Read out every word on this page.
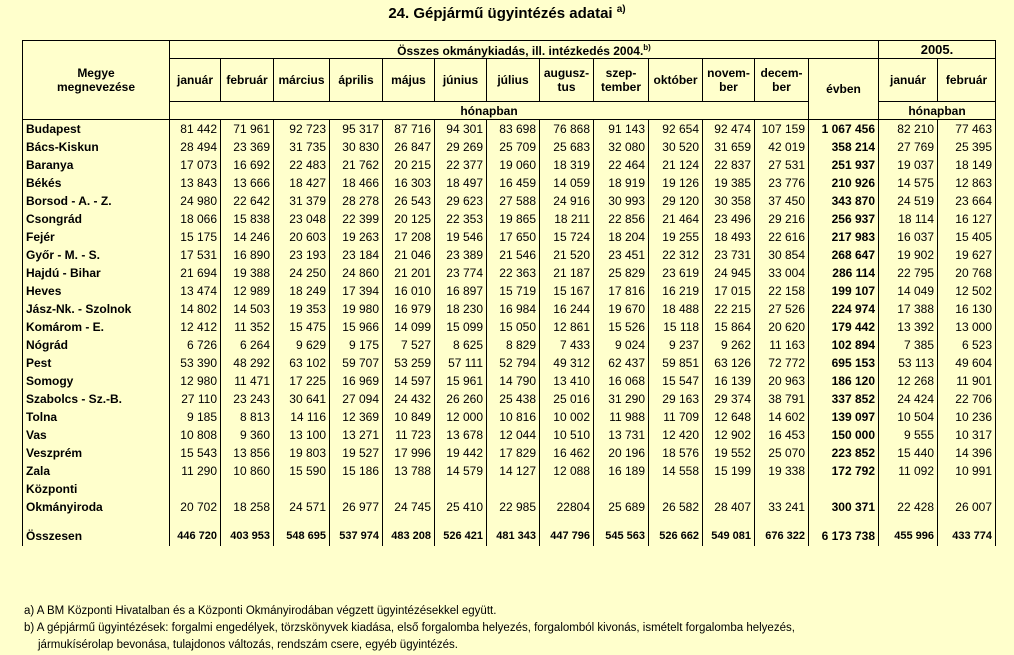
24. Gépjármű ügyintézés adatai $^{a)}$
Megye
megnevezése	Összes okmánykiadás, ill. intézkedés 2004.$^{b)}$													2005.	
	január	február	március	április	május	június	július	augusz-tus	szep-tember	október	novem-ber	decem-ber	évben	január	február
	hónapban													hónapban	
Budapest	81 442	71 961	92 723	95 317	87 716	94 301	83 698	76 868	91 143	92 654	92 474	107 159	1 067 456	82 210	77 463
Bács-Kiskun	28 494	23 369	31 735	30 830	26 847	29 269	25 709	25 683	32 080	30 520	31 659	42 019	358 214	27 769	25 395
Baranya	17 073	16 692	22 483	21 762	20 215	22 377	19 060	18 319	22 464	21 124	22 837	27 531	251 937	19 037	18 149
Békés	13 843	13 666	18 427	18 466	16 303	18 497	16 459	14 059	18 919	19 126	19 385	23 776	210 926	14 575	12 863
Borsod - A. - Z.	24 980	22 642	31 379	28 278	26 543	29 623	27 588	24 916	30 993	29 120	30 358	37 450	343 870	24 519	23 664
Csongrád	18 066	15 838	23 048	22 399	20 125	22 353	19 865	18 211	22 856	21 464	23 496	29 216	256 937	18 114	16 127
Fejér	15 175	14 246	20 603	19 263	17 208	19 546	17 650	15 724	18 204	19 255	18 493	22 616	217 983	16 037	15 405
Győr - M. - S.	17 531	16 890	23 193	23 184	21 046	23 389	21 546	21 520	23 451	22 312	23 731	30 854	268 647	19 902	19 627
Hajdú - Bihar	21 694	19 388	24 250	24 860	21 201	23 774	22 363	21 187	25 829	23 619	24 945	33 004	286 114	22 795	20 768
Heves	13 474	12 989	18 249	17 394	16 010	16 897	15 719	15 167	17 816	16 219	17 015	22 158	199 107	14 049	12 502
Jász-Nk. - Szolnok	14 802	14 503	19 353	19 980	16 979	18 230	16 984	16 244	19 670	18 488	22 215	27 526	224 974	17 388	16 130
Komárom - E.	12 412	11 352	15 475	15 966	14 099	15 099	15 050	12 861	15 526	15 118	15 864	20 620	179 442	13 392	13 000
Nógrád	6 726	6 264	9 629	9 175	7 527	8 625	8 829	7 433	9 024	9 237	9 262	11 163	102 894	7 385	6 523
Pest	53 390	48 292	63 102	59 707	53 259	57 111	52 794	49 312	62 437	59 851	63 126	72 772	695 153	53 113	49 604
Somogy	12 980	11 471	17 225	16 969	14 597	15 961	14 790	13 410	16 068	15 547	16 139	20 963	186 120	12 268	11 901
Szabolcs - Sz.-B.	27 110	23 243	30 641	27 094	24 432	26 260	25 438	25 016	31 290	29 163	29 374	38 791	337 852	24 424	22 706
Tolna	9 185	8 813	14 116	12 369	10 849	12 000	10 816	10 002	11 988	11 709	12 648	14 602	139 097	10 504	10 236
Vas	10 808	9 360	13 100	13 271	11 723	13 678	12 044	10 510	13 731	12 420	12 902	16 453	150 000	9 555	10 317
Veszprém	15 543	13 856	19 803	19 527	17 996	19 442	17 829	16 462	20 196	18 576	19 552	25 070	223 852	15 440	14 396
Zala	11 290	10 860	15 590	15 186	13 788	14 579	14 127	12 088	16 189	14 558	15 199	19 338	172 792	11 092	10 991
Központi															
Okmányiroda	20 702	18 258	24 571	26 977	24 745	25 410	22 985	22804	25 689	26 582	28 407	33 241	300 371	22 428	26 007

Összesen	446 720	403 953	548 695	537 974	483 208	526 421	481 343	447 796	545 563	526 662	549 081	676 322	6 173 738	455 996	433 774
a) A BM Központi Hivatalban és a Központi Okmányirodában végzett ügyintézésekkel együtt.
b) A gépjármű ügyintézések: forgalmi engedélyek, törzskönyvek kiadása, első forgalomba helyezés, forgalomból kivonás, ismételt forgalomba helyezés,
jármukísérolap bevonása, tulajdonos változás, rendszám csere, egyéb ügyintézés.
